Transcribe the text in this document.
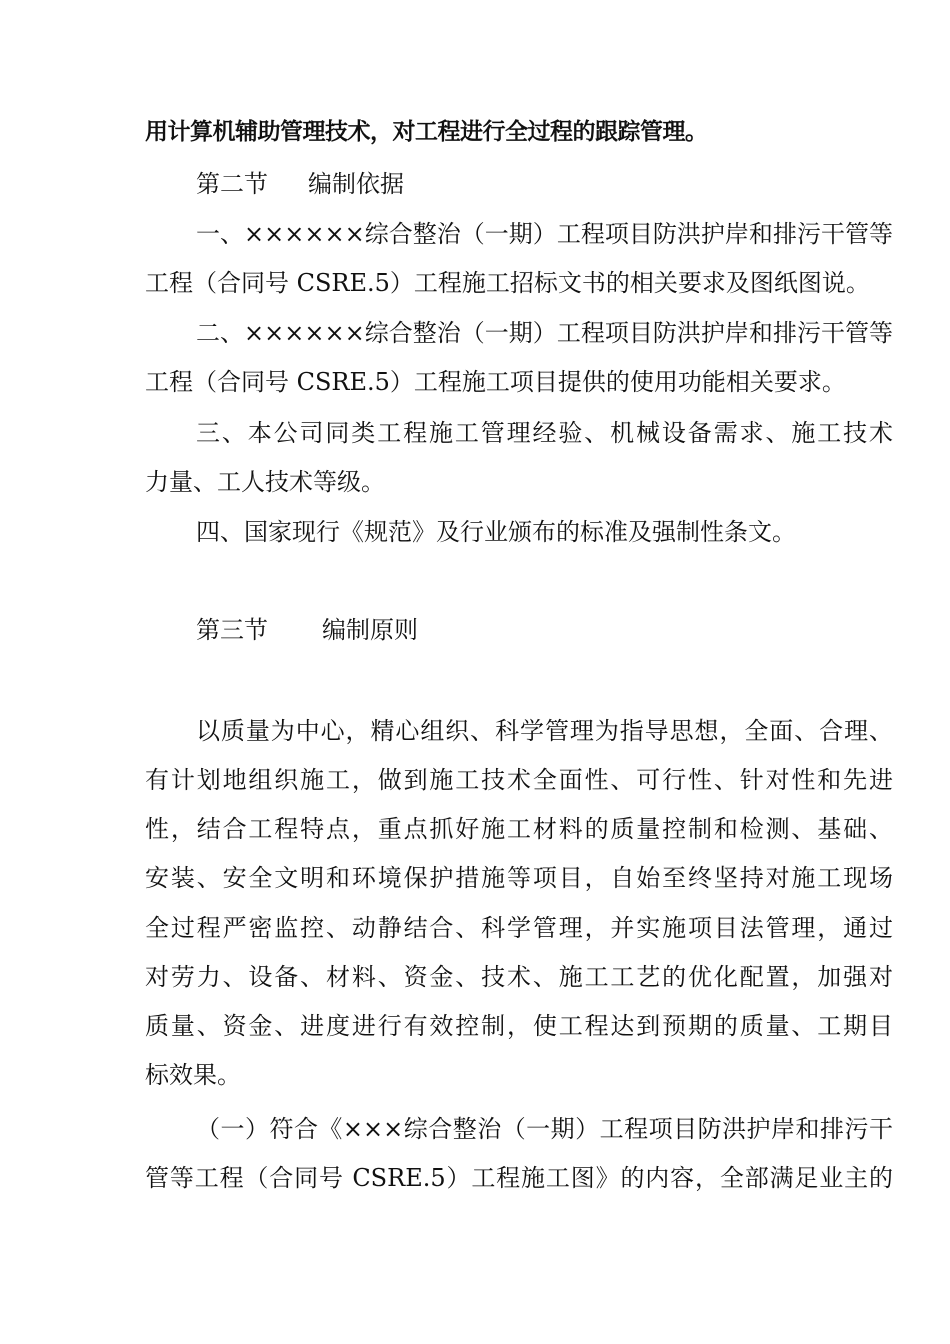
用计算机辅助管理技术，对工程进行全过程的跟踪管理。
第二节 编制依据
一、××××××综合整治（一期）工程项目防洪护岸和排污干管等
工程（合同号 CSRE.5）工程施工招标文书的相关要求及图纸图说。
二、××××××综合整治（一期）工程项目防洪护岸和排污干管等
工程（合同号 CSRE.5）工程施工项目提供的使用功能相关要求。
三、本公司同类工程施工管理经验、机械设备需求、施工技术
力量、工人技术等级。
四、国家现行《规范》及行业颁布的标准及强制性条文。
第三节 编制原则
以质量为中心，精心组织、科学管理为指导思想，全面、合理、
有计划地组织施工，做到施工技术全面性、可行性、针对性和先进
性，结合工程特点，重点抓好施工材料的质量控制和检测、基础、
安装、安全文明和环境保护措施等项目，自始至终坚持对施工现场
全过程严密监控、动静结合、科学管理，并实施项目法管理，通过
对劳力、设备、材料、资金、技术、施工工艺的优化配置，加强对
质量、资金、进度进行有效控制，使工程达到预期的质量、工期目
标效果。
（一）符合《×××综合整治（一期）工程项目防洪护岸和排污干
管等工程（合同号 CSRE.5）工程施工图》的内容，全部满足业主的
